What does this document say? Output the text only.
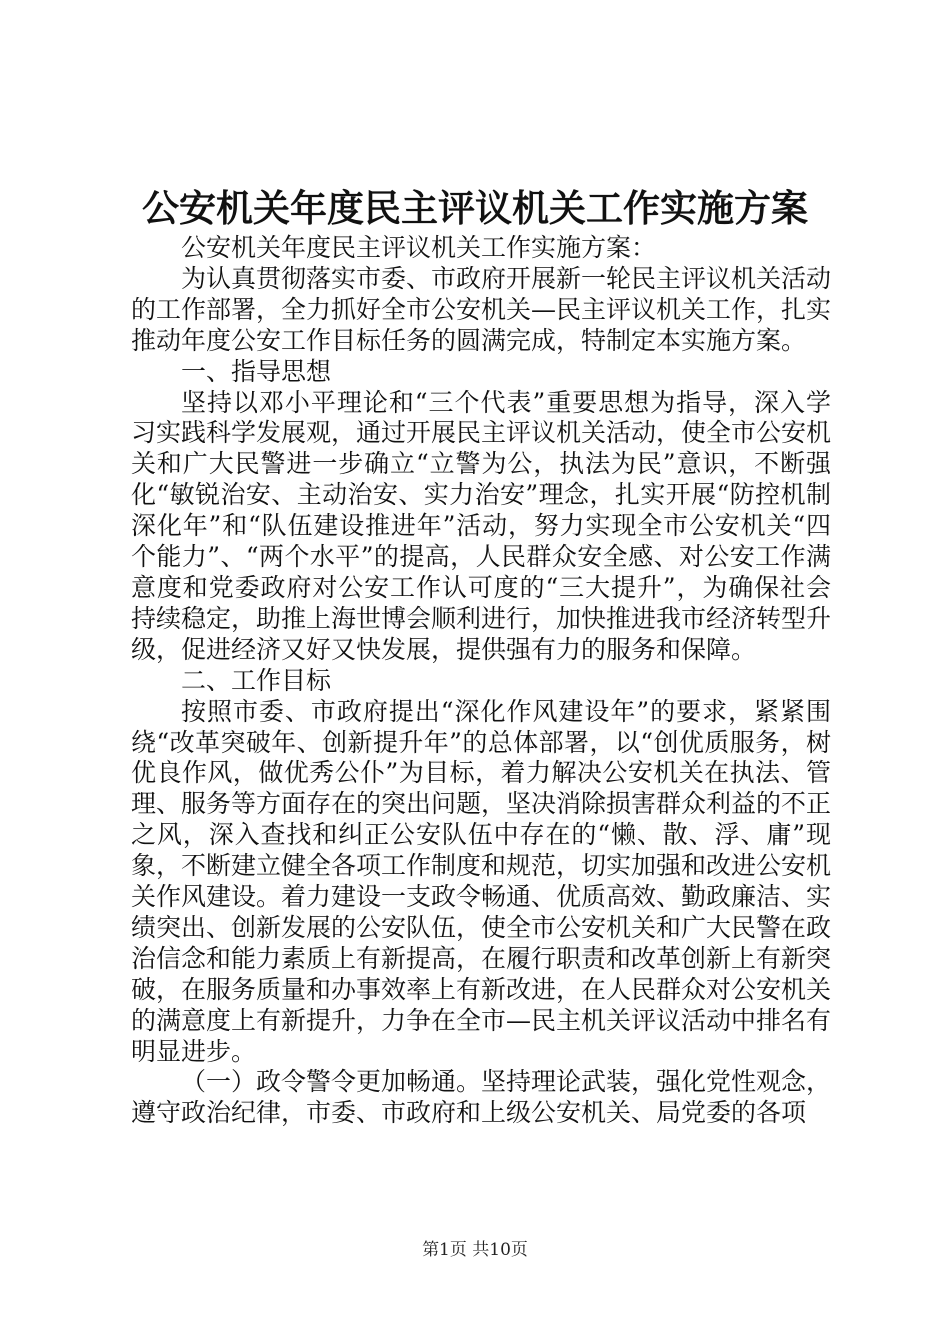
公安机关年度民主评议机关工作实施方案

公安机关年度民主评议机关工作实施方案：

为认真贯彻落实市委、市政府开展新一轮民主评议机关活动的工作部署，全力抓好全市公安机关—民主评议机关工作，扎实推动年度公安工作目标任务的圆满完成，特制定本实施方案。

一、指导思想

坚持以邓小平理论和“三个代表”重要思想为指导，深入学习实践科学发展观，通过开展民主评议机关活动，使全市公安机关和广大民警进一步确立“立警为公，执法为民”意识，不断强化“敏锐治安、主动治安、实力治安”理念，扎实开展“防控机制深化年”和“队伍建设推进年”活动，努力实现全市公安机关“四个能力”、“两个水平”的提高，人民群众安全感、对公安工作满意度和党委政府对公安工作认可度的“三大提升”，为确保社会持续稳定，助推上海世博会顺利进行，加快推进我市经济转型升级，促进经济又好又快发展，提供强有力的服务和保障。

二、工作目标

按照市委、市政府提出“深化作风建设年”的要求，紧紧围绕“改革突破年、创新提升年”的总体部署，以“创优质服务，树优良作风，做优秀公仆”为目标，着力解决公安机关在执法、管理、服务等方面存在的突出问题，坚决消除损害群众利益的不正之风，深入查找和纠正公安队伍中存在的“懒、散、浮、庸”现象，不断建立健全各项工作制度和规范，切实加强和改进公安机关作风建设。着力建设一支政令畅通、优质高效、勤政廉洁、实绩突出、创新发展的公安队伍，使全市公安机关和广大民警在政治信念和能力素质上有新提高，在履行职责和改革创新上有新突破，在服务质量和办事效率上有新改进，在人民群众对公安机关的满意度上有新提升，力争在全市—民主机关评议活动中排名有明显进步。

（一）政令警令更加畅通。坚持理论武装，强化党性观念，遵守政治纪律，市委、市政府和上级公安机关、局党委的各项

第1页 共10页
